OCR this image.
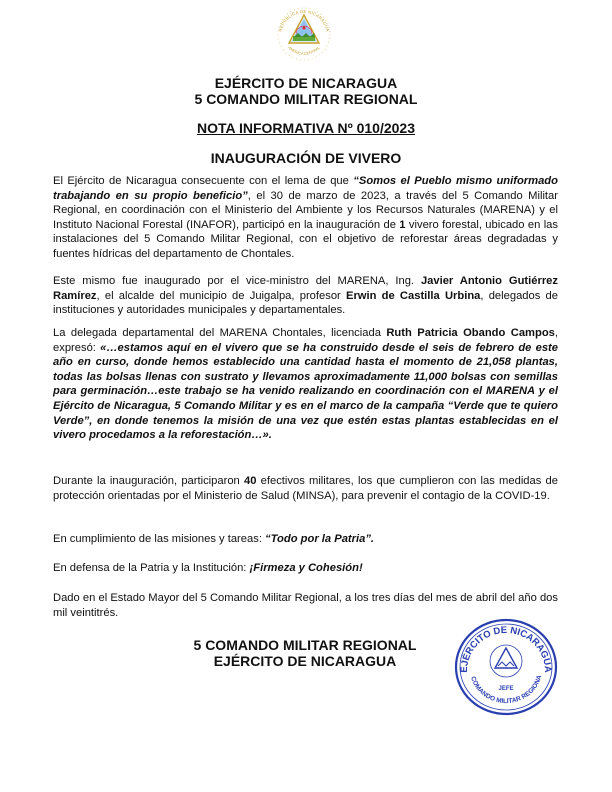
REPÚBLICA DE NICARAGUA
AMÉRICA CENTRAL
EJÉRCITO DE NICARAGUA
5 COMANDO MILITAR REGIONAL
NOTA INFORMATIVA Nº 010/2023
INAUGURACIÓN DE VIVERO

El Ejército de Nicaragua consecuente con el lema de que “Somos el Pueblo mismo uniformado trabajando en su propio beneficio”, el 30 de marzo de 2023, a través del 5 Comando Militar Regional, en coordinación con el Ministerio del Ambiente y los Recursos Naturales (MARENA) y el Instituto Nacional Forestal (INAFOR), participó en la inauguración de 1 vivero forestal, ubicado en las instalaciones del 5 Comando Militar Regional, con el objetivo de reforestar áreas degradadas y fuentes hídricas del departamento de Chontales.

Este mismo fue inaugurado por el vice-ministro del MARENA, Ing. Javier Antonio Gutiérrez Ramírez, el alcalde del municipio de Juigalpa, profesor Erwin de Castilla Urbina, delegados de instituciones y autoridades municipales y departamentales.

La delegada departamental del MARENA Chontales, licenciada Ruth Patricia Obando Campos, expresó: «…estamos aquí en el vivero que se ha construido desde el seis de febrero de este año en curso, donde hemos establecido una cantidad hasta el momento de 21,058 plantas, todas las bolsas llenas con sustrato y llevamos aproximadamente 11,000 bolsas con semillas para germinación…este trabajo se ha venido realizando en coordinación con el MARENA y el Ejército de Nicaragua, 5 Comando Militar y es en el marco de la campaña “Verde que te quiero Verde”, en donde tenemos la misión de una vez que estén estas plantas establecidas en el vivero procedamos a la reforestación…».

Durante la inauguración, participaron 40 efectivos militares, los que cumplieron con las medidas de protección orientadas por el Ministerio de Salud (MINSA), para prevenir el contagio de la COVID-19.

En cumplimiento de las misiones y tareas: “Todo por la Patria”.

En defensa de la Patria y la Institución: ¡Firmeza y Cohesión!

Dado en el Estado Mayor del 5 Comando Militar Regional, a los tres días del mes de abril del año dos mil veintitrés.

5 COMANDO MILITAR REGIONAL
EJÉRCITO DE NICARAGUA
EJÉRCITO DE NICARAGUA
COMANDO MILITAR REGIONA
JEFE
